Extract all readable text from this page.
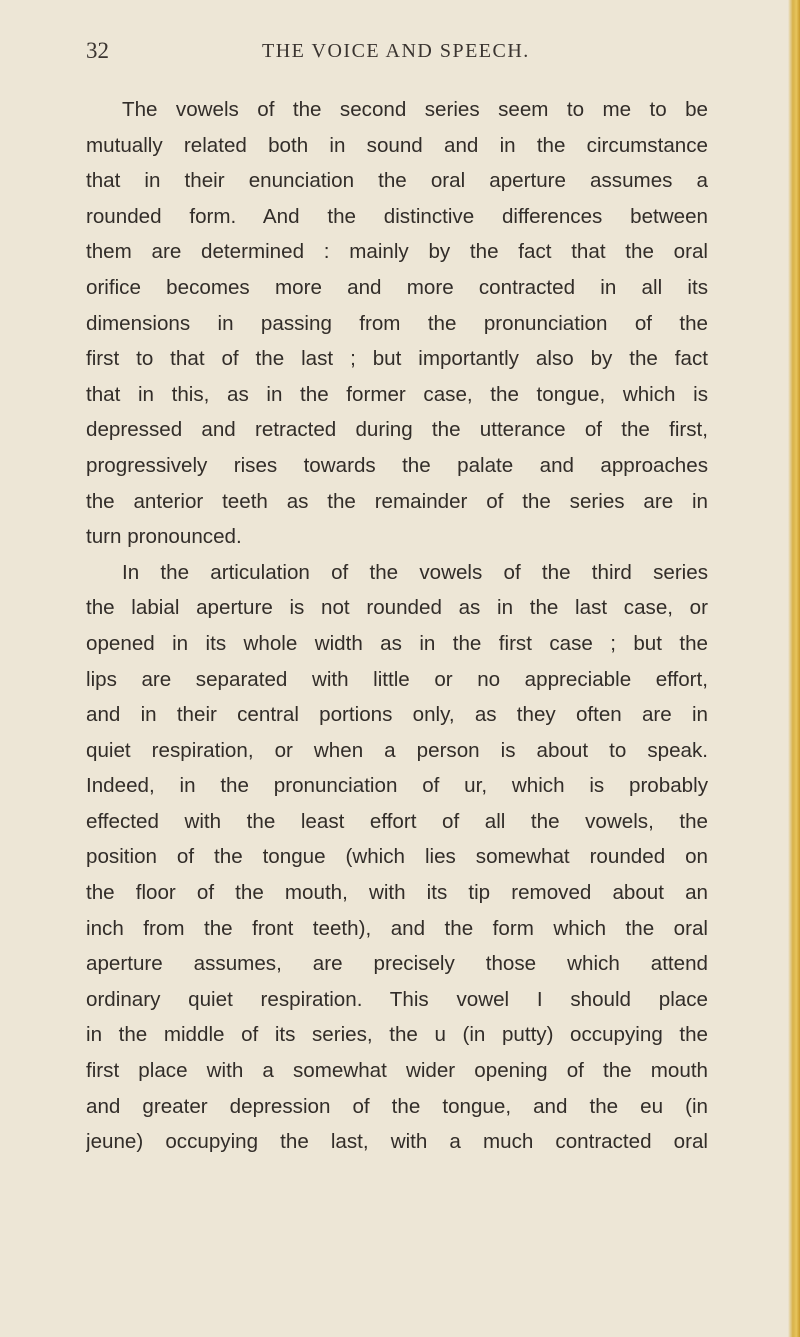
32	THE VOICE AND SPEECH.
The vowels of the second series seem to me to be
mutually related both in sound and in the circumstance
that in their enunciation the oral aperture assumes a
rounded form. And the distinctive differences between
them are determined : mainly by the fact that the oral
orifice becomes more and more contracted in all its
dimensions in passing from the pronunciation of the
first to that of the last ; but importantly also by the fact
that in this, as in the former case, the tongue, which is
depressed and retracted during the utterance of the first,
progressively rises towards the palate and approaches
the anterior teeth as the remainder of the series are in
turn pronounced.
In the articulation of the vowels of the third series
the labial aperture is not rounded as in the last case, or
opened in its whole width as in the first case ; but the
lips are separated with little or no appreciable effort,
and in their central portions only, as they often are in
quiet respiration, or when a person is about to speak.
Indeed, in the pronunciation of ur, which is probably
effected with the least effort of all the vowels, the
position of the tongue (which lies somewhat rounded on
the floor of the mouth, with its tip removed about an
inch from the front teeth), and the form which the oral
aperture assumes, are precisely those which attend
ordinary quiet respiration. This vowel I should place
in the middle of its series, the u (in putty) occupying the
first place with a somewhat wider opening of the mouth
and greater depression of the tongue, and the eu (in
jeune) occupying the last, with a much contracted oral
